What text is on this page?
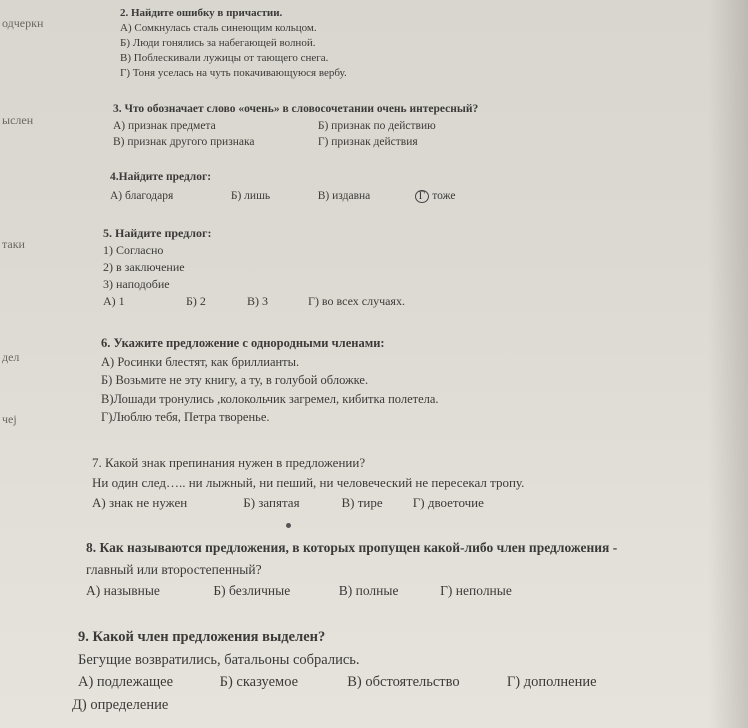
одчеркн
ыслен
таки
дел
чеј
2. Найдите ошибку в причастии.
А) Сомкнулась сталь синеющим кольцом.
Б) Люди гонялись за набегающей волной.
В) Поблескивали лужицы от тающего снега.
Г) Тоня уселась на чуть покачивающуюся вербу.
3. Что обозначает слово «очень» в словосочетании очень интересный?
А) признак предмета	Б) признак по действию
В) признак другого признака	Г) признак действия
4.Найдите предлог:
А) благодаря	Б) лишь	В) издавна	Г тоже
5. Найдите предлог:
1) Согласно
2) в заключение
3) наподобие
А) 1	Б) 2	В) 3	Г) во всех случаях.
6. Укажите предложение с однородными членами:
А) Росинки блестят, как бриллианты.
Б) Возьмите не эту книгу, а ту, в голубой обложке.
В)Лошади тронулись ,колокольчик загремел, кибитка полетела.
Г)Люблю тебя, Петра творенье.
7. Какой знак препинания нужен в предложении?
Ни один след….. ни лыжный, ни пеший, ни человеческий не пересекал тропу.
А) знак не нужен	Б) запятая	В) тире Г) двоеточие
8. Как называются предложения, в которых пропущен какой-либо член предложения -
главный или второстепенный?
А) назывные	Б) безличные	В) полные	Г) неполные
9. Какой член предложения выделен?
Бегущие возвратились, батальоны собрались.
А) подлежащее	Б) сказуемое	В) обстоятельство	Г) дополнение
Д) определение
